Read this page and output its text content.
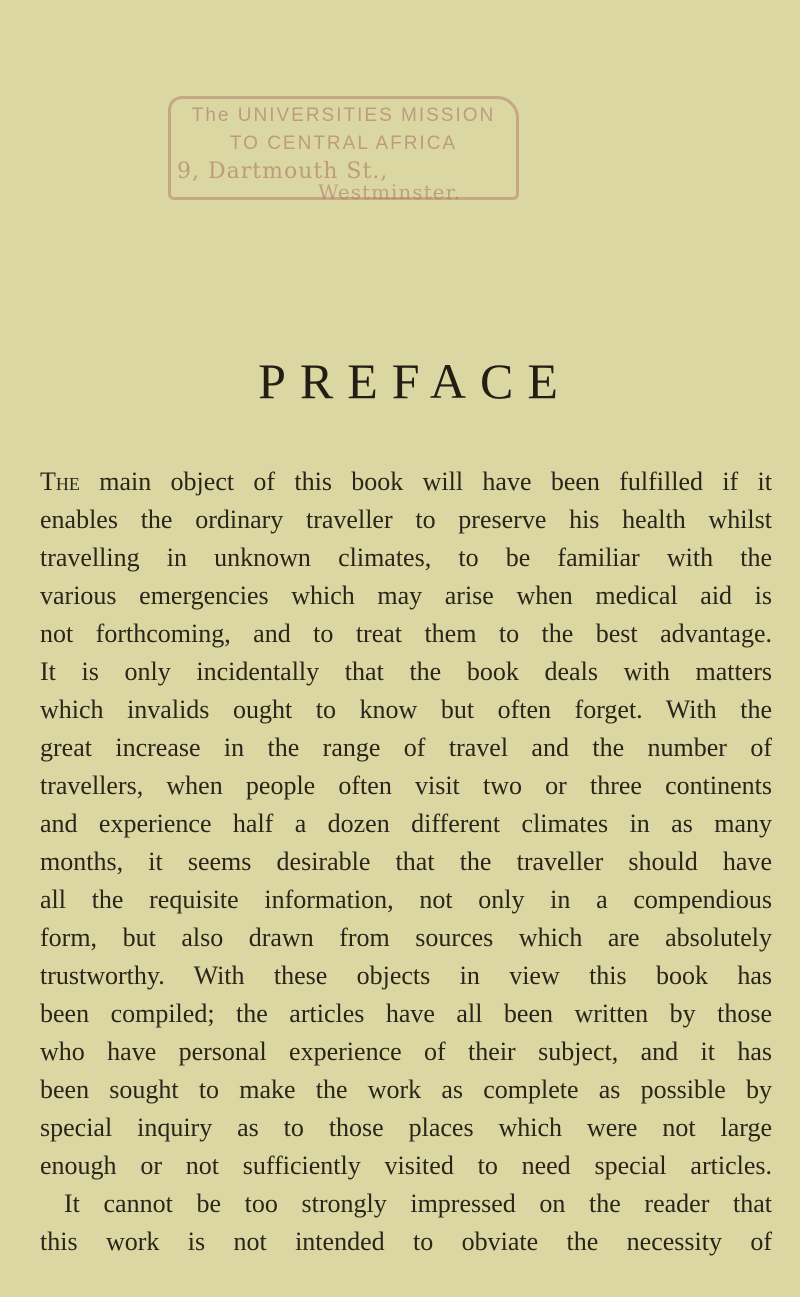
The UNIVERSITIES MISSION
TO CENTRAL AFRICA
9, Dartmouth St.,
Westminster.
PREFACE
The main object of this book will have been fulfilled if it
enables the ordinary traveller to preserve his health whilst
travelling in unknown climates, to be familiar with the
various emergencies which may arise when medical aid is
not forthcoming, and to treat them to the best advantage.
It is only incidentally that the book deals with matters
which invalids ought to know but often forget. With the
great increase in the range of travel and the number of
travellers, when people often visit two or three continents
and experience half a dozen different climates in as many
months, it seems desirable that the traveller should have
all the requisite information, not only in a compendious
form, but also drawn from sources which are absolutely
trustworthy. With these objects in view this book has
been compiled; the articles have all been written by those
who have personal experience of their subject, and it has
been sought to make the work as complete as possible by
special inquiry as to those places which were not large
enough or not sufficiently visited to need special articles.
It cannot be too strongly impressed on the reader that
this work is not intended to obviate the necessity of
